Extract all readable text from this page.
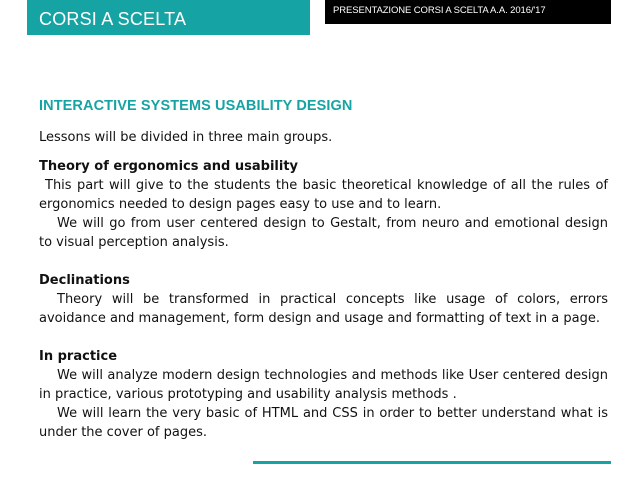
CORSI A SCELTA	PRESENTAZIONE CORSI A SCELTA A.A. 2016/'17
INTERACTIVE SYSTEMS USABILITY DESIGN

Lessons will be divided in three main groups.

Theory of ergonomics and usability

This part will give to the students the basic theoretical knowledge of all the rules of ergonomics needed to design pages easy to use and to learn.

We will go from user centered design to Gestalt, from neuro and emotional design to visual perception analysis.

Declinations

Theory will be transformed in practical concepts like usage of colors, errors avoidance and management, form design and usage and formatting of text in a page.

In practice

We will analyze modern design technologies and methods like User centered design in practice, various prototyping and usability analysis methods .

We will learn the very basic of HTML and CSS in order to better understand what is under the cover of pages.
